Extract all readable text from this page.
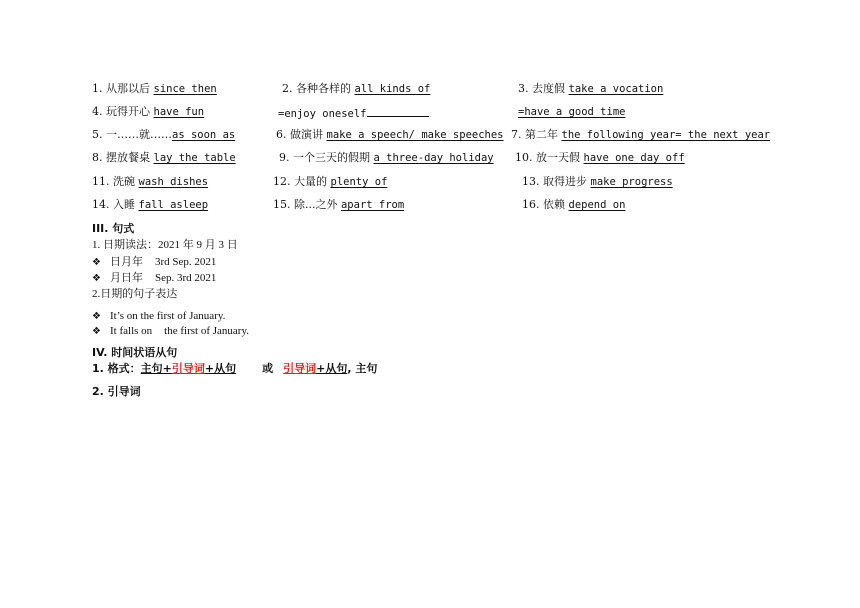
1. 从那以后 since then	2. 各种各样的 all kinds of	3. 去度假 take a vocation
4. 玩得开心 have fun	=enjoy oneself	=have a good time
5. 一……就……as soon as	6. 做演讲 make a speech/ make speeches 7. 第二年 the following year= the next year
8. 摆放餐桌 lay the table	9. 一个三天的假期 a three-day holiday 10. 放一天假 have one day off
11. 洗碗 wash dishes	12. 大量的 plenty of	13. 取得进步 make progress
14. 入睡 fall asleep	15. 除...之外 apart from	16. 依赖 depend on
III. 句式
1. 日期读法：2021 年 9 月 3 日
❖ 日月年 3rd Sep. 2021
❖ 月日年 Sep. 3rd 2021
2.日期的句子表达
❖ It’s on the first of January.
❖ It falls on the first of January.
IV. 时间状语从句
1. 格式：主句+引导词+从句 或 引导词+从句, 主句
2. 引导词
